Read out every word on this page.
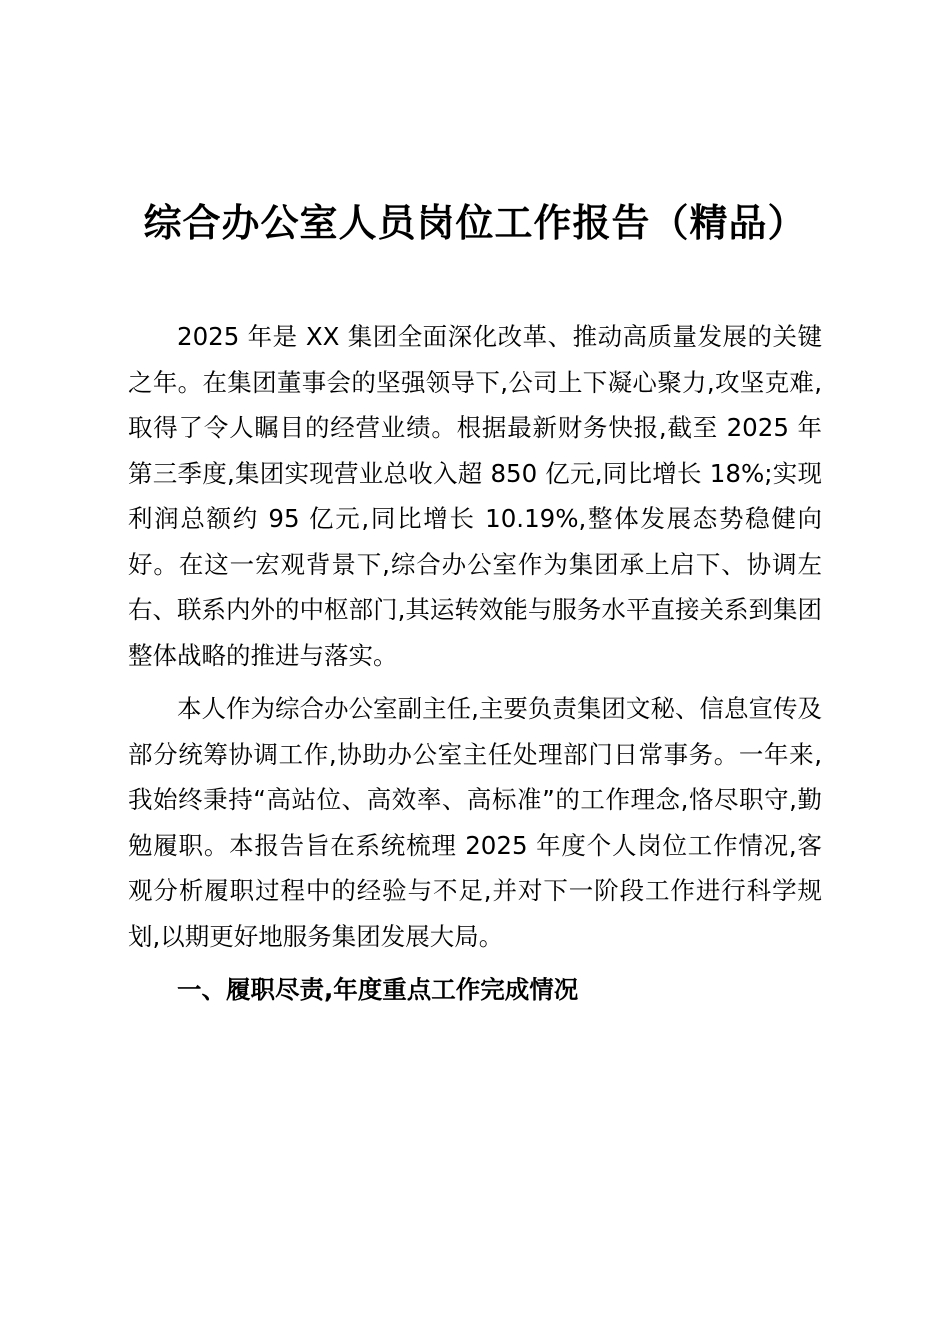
综合办公室人员岗位工作报告（精品）

2025 年是 XX 集团全面深化改革、推动高质量发展的关键之年。在集团董事会的坚强领导下,公司上下凝心聚力,攻坚克难,取得了令人瞩目的经营业绩。根据最新财务快报,截至 2025 年第三季度,集团实现营业总收入超 850 亿元,同比增长 18%;实现利润总额约 95 亿元,同比增长 10.19%,整体发展态势稳健向好。在这一宏观背景下,综合办公室作为集团承上启下、协调左右、联系内外的中枢部门,其运转效能与服务水平直接关系到集团整体战略的推进与落实。

本人作为综合办公室副主任,主要负责集团文秘、信息宣传及部分统筹协调工作,协助办公室主任处理部门日常事务。一年来,我始终秉持“高站位、高效率、高标准”的工作理念,恪尽职守,勤勉履职。本报告旨在系统梳理 2025 年度个人岗位工作情况,客观分析履职过程中的经验与不足,并对下一阶段工作进行科学规划,以期更好地服务集团发展大局。

一、履职尽责,年度重点工作完成情况
